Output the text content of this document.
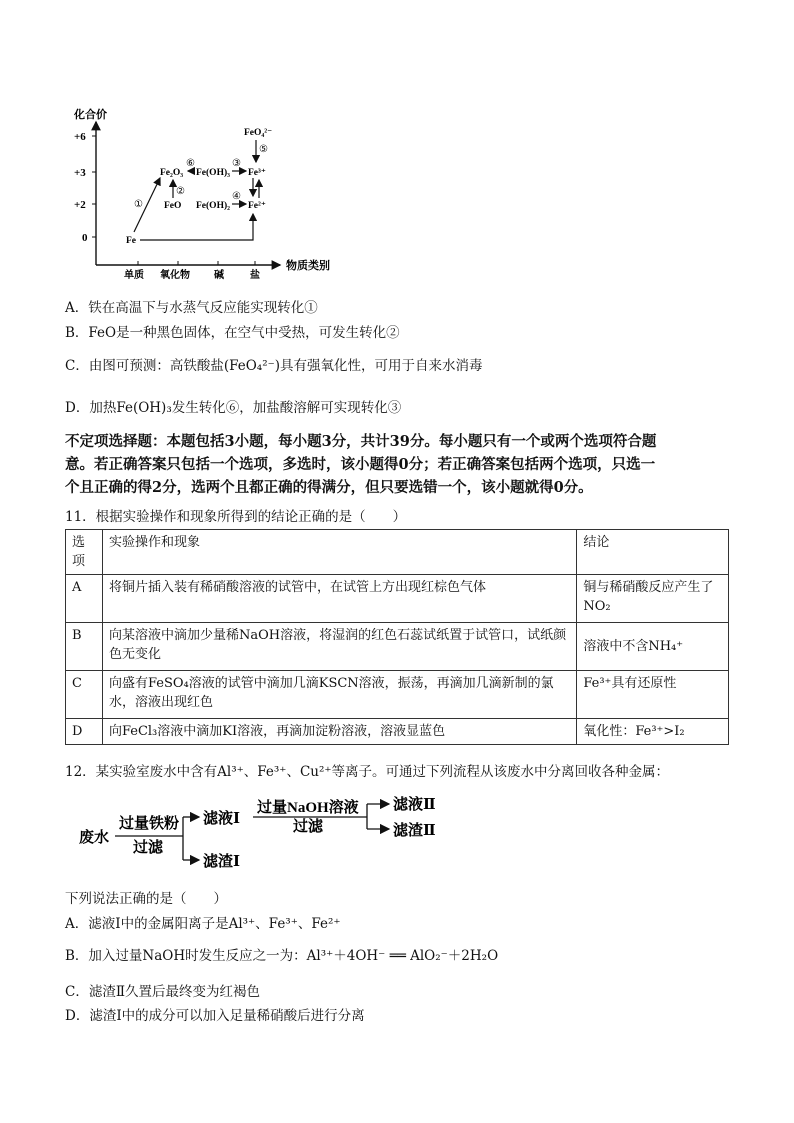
化合价
物质类别
+6
+3
+2
0
单质 氧化物 碱	盐
Fe
Fe₂O₃
FeO
Fe(OH)₃
Fe(OH)₂
Fe³⁺
Fe²⁺
FeO₄²⁻
①
②
③
④
⑤
⑥
A．铁在高温下与水蒸气反应能实现转化①
B．FeO是一种黑色固体，在空气中受热，可发生转化②
C．由图可预测：高铁酸盐(FeO₄²⁻)具有强氧化性，可用于自来水消毒
D．加热Fe(OH)₃发生转化⑥，加盐酸溶解可实现转化③
不定项选择题：本题包括3小题，每小题3分，共计39分。每小题只有一个或两个选项符合题
意。若正确答案只包括一个选项，多选时，该小题得0分；若正确答案包括两个选项，只选一
个且正确的得2分，选两个且都正确的得满分，但只要选错一个，该小题就得0分。
11．根据实验操作和现象所得到的结论正确的是（　　）
选项	实验操作和现象	结论
A	将铜片插入装有稀硝酸溶液的试管中，在试管上方出现红棕色气体	铜与稀硝酸反应产生了NO₂
B	向某溶液中滴加少量稀NaOH溶液，将湿润的红色石蕊试纸置于试管口，试纸颜色无变化	溶液中不含NH₄⁺
C	向盛有FeSO₄溶液的试管中滴加几滴KSCN溶液，振荡，再滴加几滴新制的氯水，溶液出现红色	Fe³⁺具有还原性
D	向FeCl₃溶液中滴加KI溶液，再滴加淀粉溶液，溶液显蓝色	氧化性：Fe³⁺>I₂
12．某实验室废水中含有Al³⁺、Fe³⁺、Cu²⁺等离子。可通过下列流程从该废水中分离回收各种金属：
废水
过量铁粉
过滤
滤液Ⅰ
滤渣Ⅰ
过量NaOH溶液
过滤
滤液Ⅱ
滤渣Ⅱ
下列说法正确的是（　　）
A．滤液Ⅰ中的金属阳离子是Al³⁺、Fe³⁺、Fe²⁺
B．加入过量NaOH时发生反应之一为：Al³⁺＋4OH⁻ ══ AlO₂⁻＋2H₂O
C．滤渣Ⅱ久置后最终变为红褐色
D．滤渣Ⅰ中的成分可以加入足量稀硝酸后进行分离
